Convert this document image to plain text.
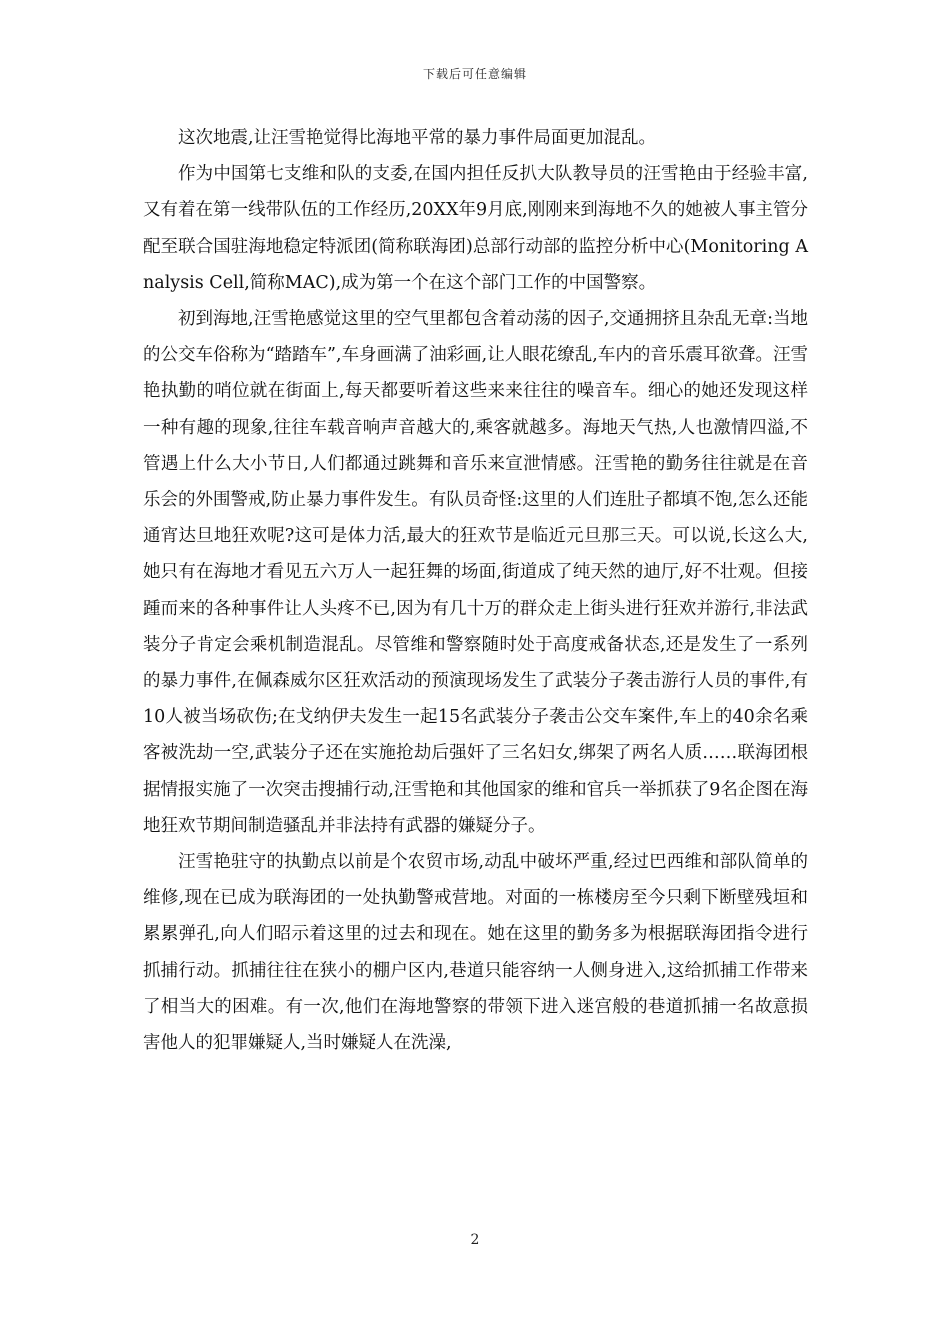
下载后可任意编辑

这次地震,让汪雪艳觉得比海地平常的暴力事件局面更加混乱。

作为中国第七支维和队的支委,在国内担任反扒大队教导员的汪雪艳由于经验丰富,又有着在第一线带队伍的工作经历,20XX年9月底,刚刚来到海地不久的她被人事主管分配至联合国驻海地稳定特派团(简称联海团)总部行动部的监控分析中心(Monitoring Analysis Cell,简称MAC),成为第一个在这个部门工作的中国警察。

初到海地,汪雪艳感觉这里的空气里都包含着动荡的因子,交通拥挤且杂乱无章:当地的公交车俗称为“踏踏车”,车身画满了油彩画,让人眼花缭乱,车内的音乐震耳欲聋。汪雪艳执勤的哨位就在街面上,每天都要听着这些来来往往的噪音车。细心的她还发现这样一种有趣的现象,往往车载音响声音越大的,乘客就越多。海地天气热,人也激情四溢,不管遇上什么大小节日,人们都通过跳舞和音乐来宣泄情感。汪雪艳的勤务往往就是在音乐会的外围警戒,防止暴力事件发生。有队员奇怪:这里的人们连肚子都填不饱,怎么还能通宵达旦地狂欢呢?这可是体力活,最大的狂欢节是临近元旦那三天。可以说,长这么大,她只有在海地才看见五六万人一起狂舞的场面,街道成了纯天然的迪厅,好不壮观。但接踵而来的各种事件让人头疼不已,因为有几十万的群众走上街头进行狂欢并游行,非法武装分子肯定会乘机制造混乱。尽管维和警察随时处于高度戒备状态,还是发生了一系列的暴力事件,在佩森威尔区狂欢活动的预演现场发生了武装分子袭击游行人员的事件,有10人被当场砍伤;在戈纳伊夫发生一起15名武装分子袭击公交车案件,车上的40余名乘客被洗劫一空,武装分子还在实施抢劫后强奸了三名妇女,绑架了两名人质……联海团根据情报实施了一次突击搜捕行动,汪雪艳和其他国家的维和官兵一举抓获了9名企图在海地狂欢节期间制造骚乱并非法持有武器的嫌疑分子。

汪雪艳驻守的执勤点以前是个农贸市场,动乱中破坏严重,经过巴西维和部队简单的维修,现在已成为联海团的一处执勤警戒营地。对面的一栋楼房至今只剩下断壁残垣和累累弹孔,向人们昭示着这里的过去和现在。她在这里的勤务多为根据联海团指令进行抓捕行动。抓捕往往在狭小的棚户区内,巷道只能容纳一人侧身进入,这给抓捕工作带来了相当大的困难。有一次,他们在海地警察的带领下进入迷宫般的巷道抓捕一名故意损害他人的犯罪嫌疑人,当时嫌疑人在洗澡,

2
